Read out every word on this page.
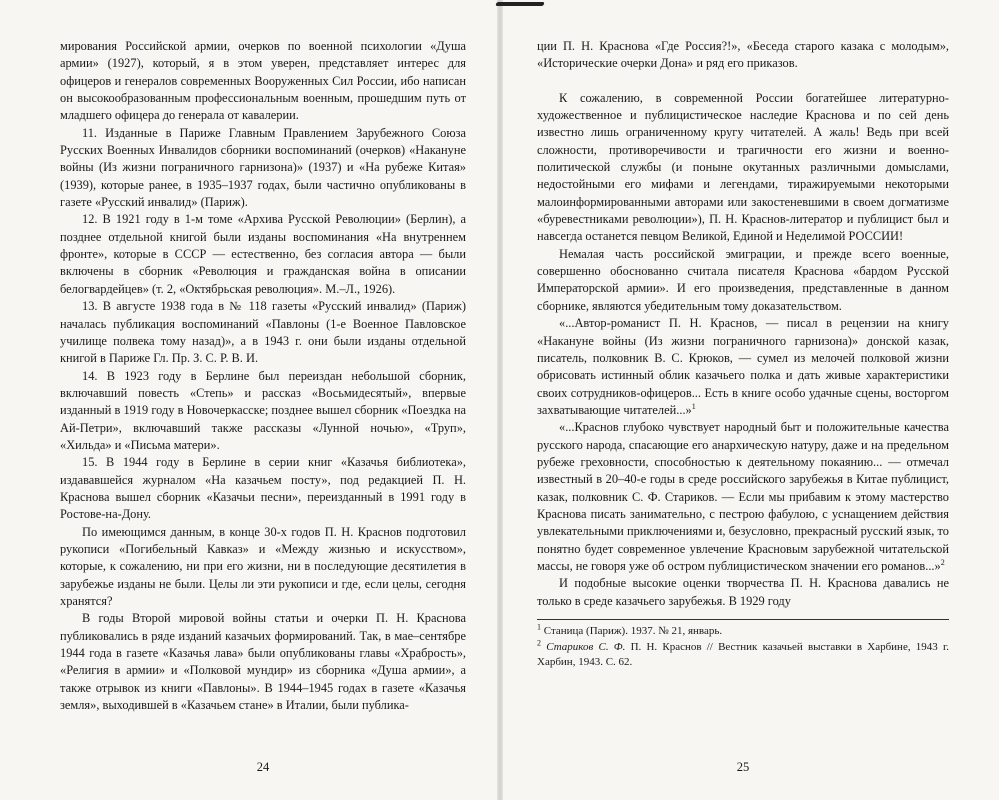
мирования Российской армии, очерков по военной психологии «Душа армии» (1927), который, я в этом уверен, представляет интерес для офицеров и генералов современных Вооруженных Сил России, ибо написан он высокообразованным профессиональным военным, прошедшим путь от младшего офицера до генерала от кавалерии.

11. Изданные в Париже Главным Правлением Зарубежного Союза Русских Военных Инвалидов сборники воспоминаний (очерков) «Накануне войны (Из жизни пограничного гарнизона)» (1937) и «На рубеже Китая» (1939), которые ранее, в 1935–1937 годах, были частично опубликованы в газете «Русский инвалид» (Париж).

12. В 1921 году в 1-м томе «Архива Русской Революции» (Берлин), а позднее отдельной книгой были изданы воспоминания «На внутреннем фронте», которые в СССР — естественно, без согласия автора — были включены в сборник «Революция и гражданская война в описании белогвардейцев» (т. 2, «Октябрьская революция». М.–Л., 1926).

13. В августе 1938 года в № 118 газеты «Русский инвалид» (Париж) началась публикация воспоминаний «Павлоны (1-е Военное Павловское училище полвека тому назад)», а в 1943 г. они были изданы отдельной книгой в Париже Гл. Пр. З. С. Р. В. И.

14. В 1923 году в Берлине был переиздан небольшой сборник, включавший повесть «Степь» и рассказ «Восьмидесятый», впервые изданный в 1919 году в Новочеркасске; позднее вышел сборник «Поездка на Ай-Петри», включавший также рассказы «Лунной ночью», «Труп», «Хильда» и «Письма матери».

15. В 1944 году в Берлине в серии книг «Казачья библиотека», издававшейся журналом «На казачьем посту», под редакцией П. Н. Краснова вышел сборник «Казачьи песни», переизданный в 1991 году в Ростове-на-Дону.

По имеющимся данным, в конце 30-х годов П. Н. Краснов подготовил рукописи «Погибельный Кавказ» и «Между жизнью и искусством», которые, к сожалению, ни при его жизни, ни в последующие десятилетия в зарубежье изданы не были. Целы ли эти рукописи и где, если целы, сегодня хранятся?

В годы Второй мировой войны статьи и очерки П. Н. Краснова публиковались в ряде изданий казачьих формирований. Так, в мае–сентябре 1944 года в газете «Казачья лава» были опубликованы главы «Храбрость», «Религия в армии» и «Полковой мундир» из сборника «Душа армии», а также отрывок из книги «Павлоны». В 1944–1945 годах в газете «Казачья земля», выходившей в «Казачьем стане» в Италии, были публика-

ции П. Н. Краснова «Где Россия?!», «Беседа старого казака с молодым», «Исторические очерки Дона» и ряд его приказов.

К сожалению, в современной России богатейшее литературно-художественное и публицистическое наследие Краснова и по сей день известно лишь ограниченному кругу читателей. А жаль! Ведь при всей сложности, противоречивости и трагичности его жизни и военно-политической службы (и поныне окутанных различными домыслами, недостойными его мифами и легендами, тиражируемыми некоторыми малоинформированными авторами или закостеневшими в своем догматизме «буревестниками революции»), П. Н. Краснов-литератор и публицист был и навсегда останется певцом Великой, Единой и Неделимой РОССИИ!

Немалая часть российской эмиграции, и прежде всего военные, совершенно обоснованно считала писателя Краснова «бардом Русской Императорской армии». И его произведения, представленные в данном сборнике, являются убедительным тому доказательством.

«...Автор-романист П. Н. Краснов, — писал в рецензии на книгу «Накануне войны (Из жизни пограничного гарнизона)» донской казак, писатель, полковник В. С. Крюков, — сумел из мелочей полковой жизни обрисовать истинный облик казачьего полка и дать живые характеристики своих сотрудников-офицеров... Есть в книге особо удачные сцены, восторгом захватывающие читателей...»$^1$

«...Краснов глубоко чувствует народный быт и положительные качества русского народа, спасающие его анархическую натуру, даже и на предельном рубеже греховности, способностью к деятельному покаянию... — отмечал известный в 20–40-е годы в среде российского зарубежья в Китае публицист, казак, полковник С. Ф. Стариков. — Если мы прибавим к этому мастерство Краснова писать занимательно, с пестрою фабулою, с уснащением действия увлекательными приключениями и, безусловно, прекрасный русский язык, то понятно будет современное увлечение Красновым зарубежной читательской массы, не говоря уже об остром публицистическом значении его романов...»$^2$

И подобные высокие оценки творчества П. Н. Краснова давались не только в среде казачьего зарубежья. В 1929 году

$^1$ Станица (Париж). 1937. № 21, январь.

$^2$ Стариков С. Ф. П. Н. Краснов // Вестник казачьей выставки в Харбине, 1943 г. Харбин, 1943. С. 62.

24	25
